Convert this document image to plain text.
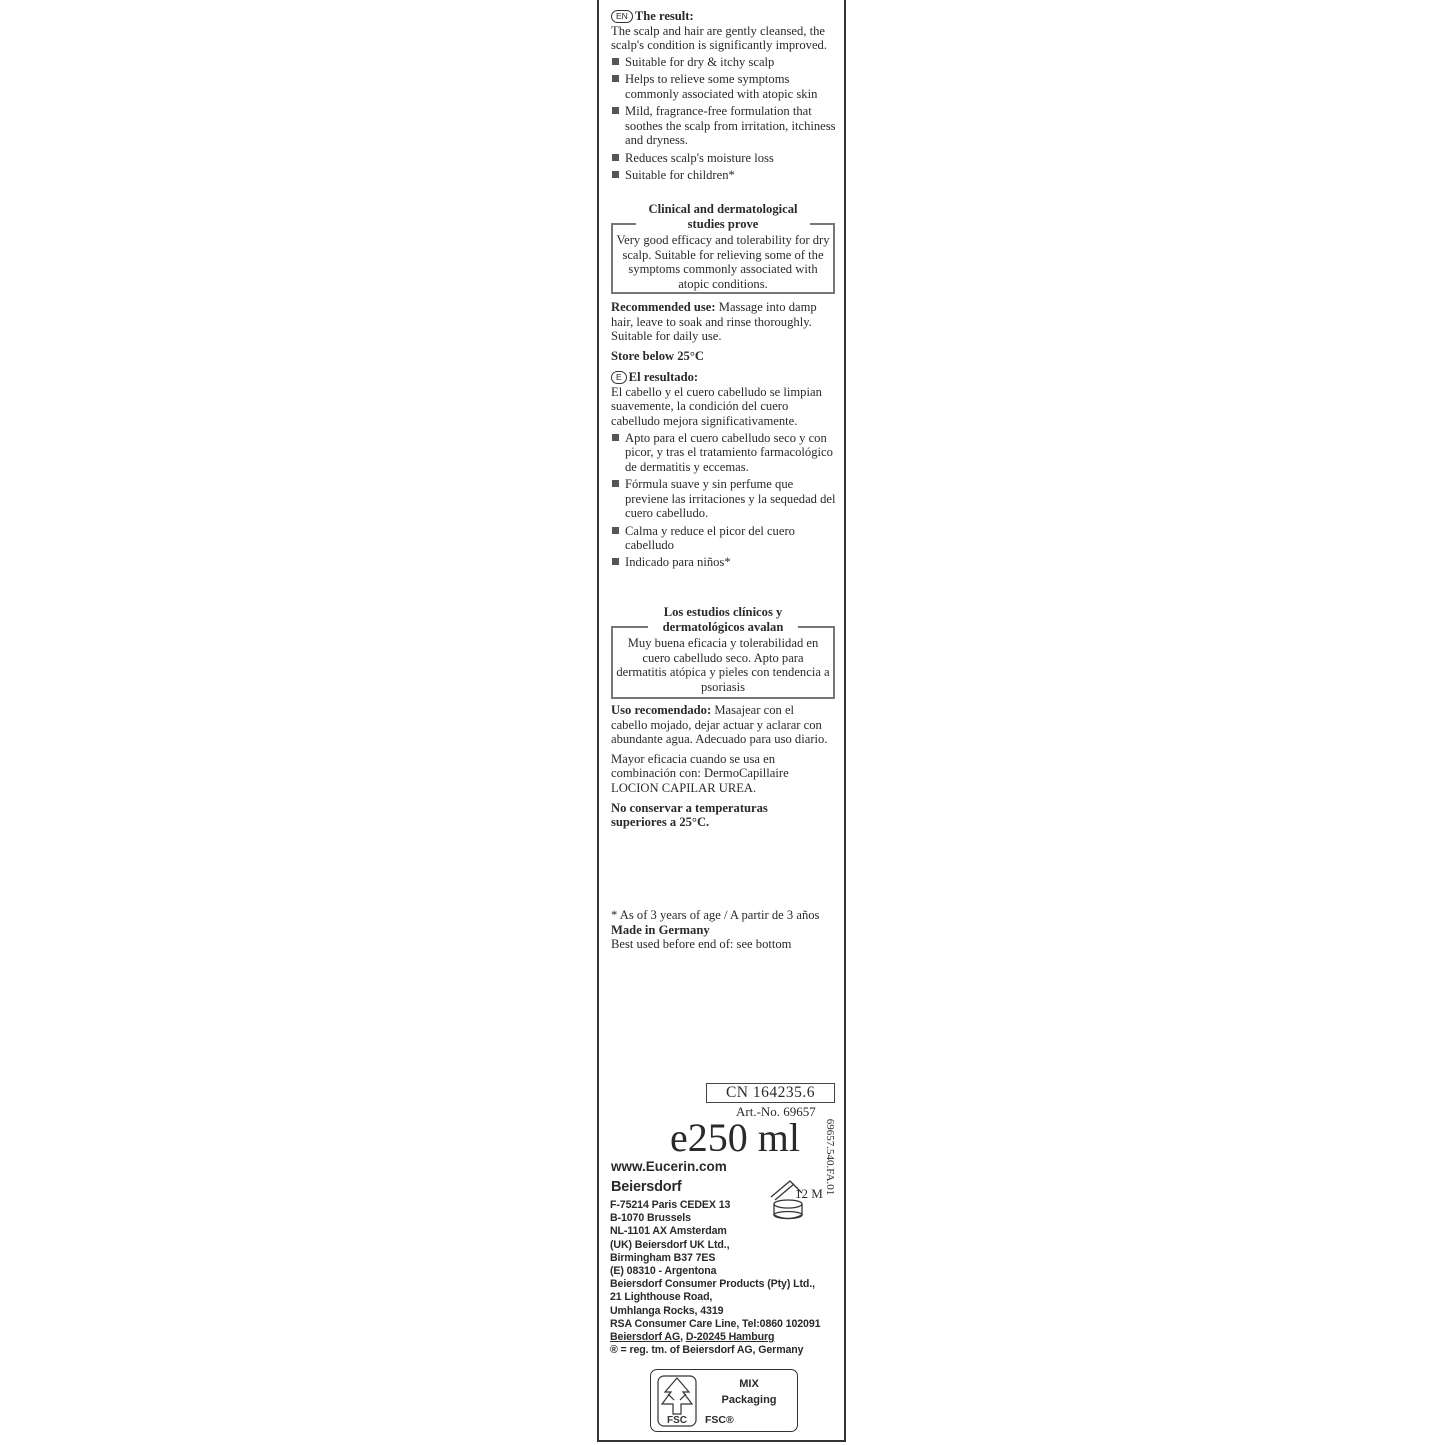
EN The result:
The scalp and hair are gently cleansed, the scalp's condition is significantly improved.
Suitable for dry & itchy scalp
Helps to relieve some symptoms commonly associated with atopic skin
Mild, fragrance-free formulation that soothes the scalp from irritation, itchiness and dryness.
Reduces scalp's moisture loss
Suitable for children*
Very good efficacy and tolerability for dry scalp. Suitable for relieving some of the symptoms commonly associated with atopic conditions.
Clinical and dermatological studies prove
Recommended use: Massage into damp hair, leave to soak and rinse thoroughly. Suitable for daily use.
Store below 25°C
E El resultado:
El cabello y el cuero cabelludo se limpian suavemente, la condición del cuero cabelludo mejora significativamente.
Apto para el cuero cabelludo seco y con picor, y tras el tratamiento farmacológico de dermatitis y eccemas.
Fórmula suave y sin perfume que previene las irritaciones y la sequedad del cuero cabelludo.
Calma y reduce el picor del cuero cabelludo
Indicado para niños*
Muy buena eficacia y tolerabilidad en cuero cabelludo seco. Apto para dermatitis atópica y pieles con tendencia a psoriasis
Los estudios clínicos y dermatológicos avalan
Uso recomendado: Masajear con el cabello mojado, dejar actuar y aclarar con abundante agua. Adecuado para uso diario.
Mayor eficacia cuando se usa en combinación con: DermoCapillaire LOCION CAPILAR UREA.
No conservar a temperaturas superiores a 25°C.
* As of 3 years of age / A partir de 3 años
Made in Germany
Best used before end of: see bottom
CN 164235.6
Art.-No. 69657
e250 ml 69657.540.FA.01
www.Eucerin.com
Beiersdorf	12 M
F-75214 Paris CEDEX 13
B-1070 Brussels
NL-1101 AX Amsterdam
(UK) Beiersdorf UK Ltd.,
Birmingham B37 7ES
(E) 08310 - Argentona
Beiersdorf Consumer Products (Pty) Ltd.,
21 Lighthouse Road,
Umhlanga Rocks, 4319
RSA Consumer Care Line, Tel:0860 102091
Beiersdorf AG, D-20245 Hamburg
® = reg. tm. of Beiersdorf AG, Germany
FSC
MIX
Packaging
FSC®
